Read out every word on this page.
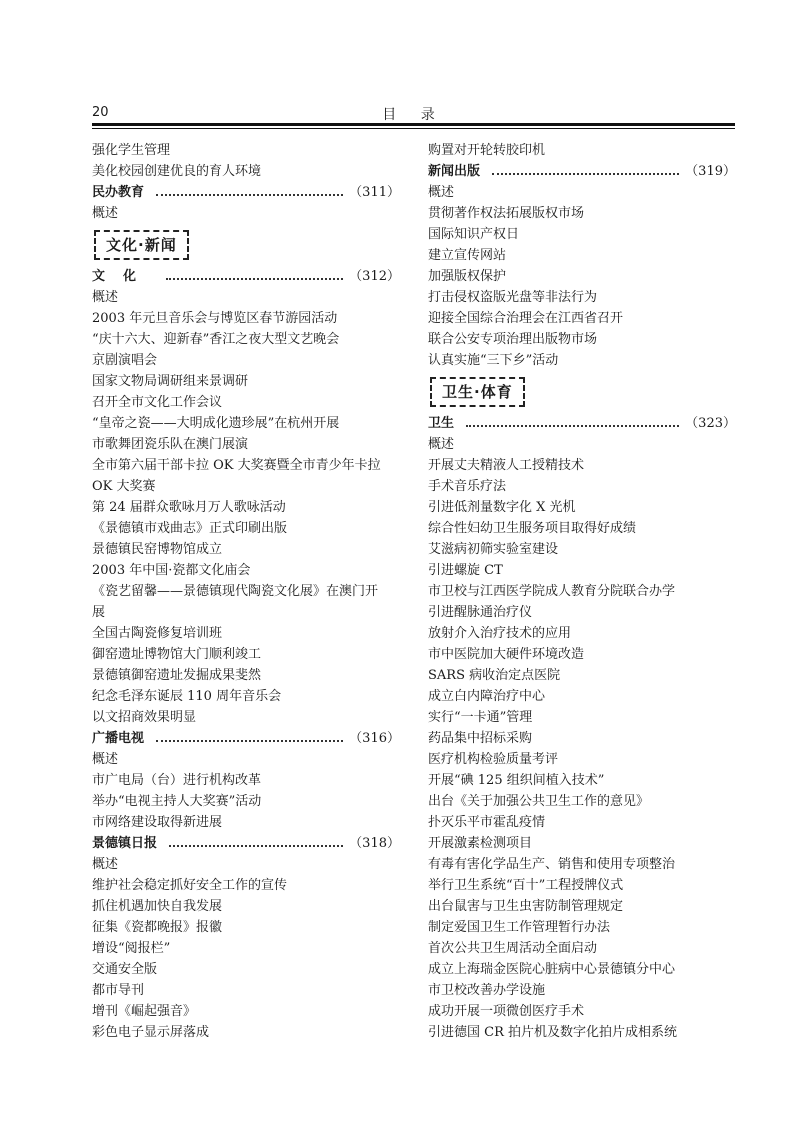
20	目 录
强化学生管理
美化校园创建优良的育人环境
民办教育	（311）
概述
文化·新闻
文化	（312）
概述
2003 年元旦音乐会与博览区春节游园活动
“庆十六大、迎新春”香江之夜大型文艺晚会
京剧演唱会
国家文物局调研组来景调研
召开全市文化工作会议
“皇帝之瓷——大明成化遗珍展”在杭州开展
市歌舞团瓷乐队在澳门展演
全市第六届干部卡拉 OK 大奖赛暨全市青少年卡拉
OK 大奖赛
第 24 届群众歌咏月万人歌咏活动
《景德镇市戏曲志》正式印刷出版
景德镇民窑博物馆成立
2003 年中国·瓷都文化庙会
《瓷艺留馨——景德镇现代陶瓷文化展》在澳门开
展
全国古陶瓷修复培训班
御窑遗址博物馆大门顺利竣工
景德镇御窑遗址发掘成果斐然
纪念毛泽东诞辰 110 周年音乐会
以文招商效果明显
广播电视	（316）
概述
市广电局（台）进行机构改革
举办“电视主持人大奖赛”活动
市网络建设取得新进展
景德镇日报	（318）
概述
维护社会稳定抓好安全工作的宣传
抓住机遇加快自我发展
征集《瓷都晚报》报徽
增设“阅报栏”
交通安全版
都市导刊
增刊《崛起强音》
彩色电子显示屏落成
购置对开轮转胶印机
新闻出版	（319）
概述
贯彻著作权法拓展版权市场
国际知识产权日
建立宣传网站
加强版权保护
打击侵权盗版光盘等非法行为
迎接全国综合治理会在江西省召开
联合公安专项治理出版物市场
认真实施“三下乡”活动
卫生·体育
卫生	（323）
概述
开展丈夫精液人工授精技术
手术音乐疗法
引进低剂量数字化 X 光机
综合性妇幼卫生服务项目取得好成绩
艾滋病初筛实验室建设
引进螺旋 CT
市卫校与江西医学院成人教育分院联合办学
引进醒脉通治疗仪
放射介入治疗技术的应用
市中医院加大硬件环境改造
SARS 病收治定点医院
成立白内障治疗中心
实行“一卡通”管理
药品集中招标采购
医疗机构检验质量考评
开展“碘 125 组织间植入技术”
出台《关于加强公共卫生工作的意见》
扑灭乐平市霍乱疫情
开展激素检测项目
有毒有害化学品生产、销售和使用专项整治
举行卫生系统“百十”工程授牌仪式
出台鼠害与卫生虫害防制管理规定
制定爱国卫生工作管理暂行办法
首次公共卫生周活动全面启动
成立上海瑞金医院心脏病中心景德镇分中心
市卫校改善办学设施
成功开展一项微创医疗手术
引进德国 CR 拍片机及数字化拍片成相系统
